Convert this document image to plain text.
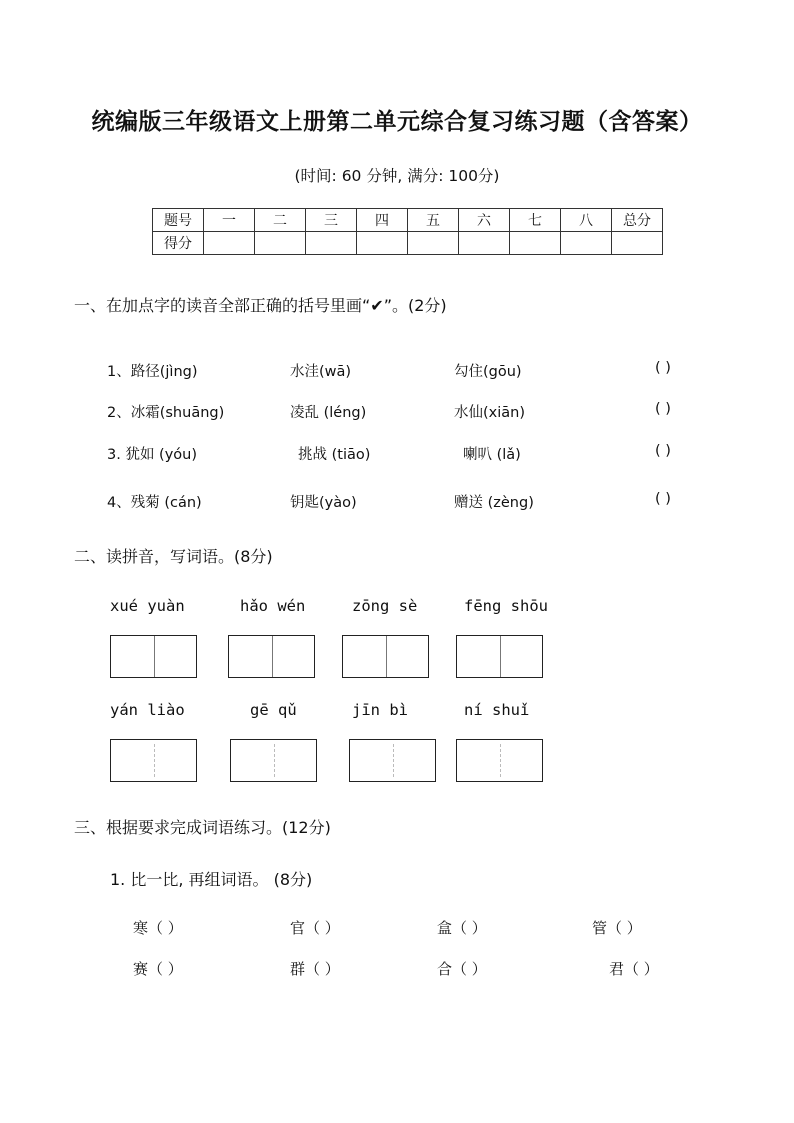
统编版三年级语文上册第二单元综合复习练习题（含答案）
(时间: 60 分钟, 满分: 100分)
题号	一	二	三	四	五	六	七	八	总分
得分									
一、在加点字的读音全部正确的括号里画“✔”。(2分)
1、路径(jìng)	水洼(wā)	勾住(gōu)	( )
2、冰霜(shuāng)	凌乱 (léng)	水仙(xiān)	( )
3. 犹如 (yóu)	挑战 (tiāo)	喇叭 (lǎ)	( )
4、残菊 (cán)	钥匙(yào)	赠送 (zèng)	( )
二、读拼音，写词语。(8分)
xué yuàn	hǎo wén	zōng sè	fēng shōu
yán liào	gē qǔ	jīn bì	ní shuǐ
三、根据要求完成词语练习。(12分)
1. 比一比, 再组词语。 (8分)
寒（ ）	官（ ）	盒（ ）	管（ ）
赛（ ）	群（ ）	合（ ）	君（ ）
